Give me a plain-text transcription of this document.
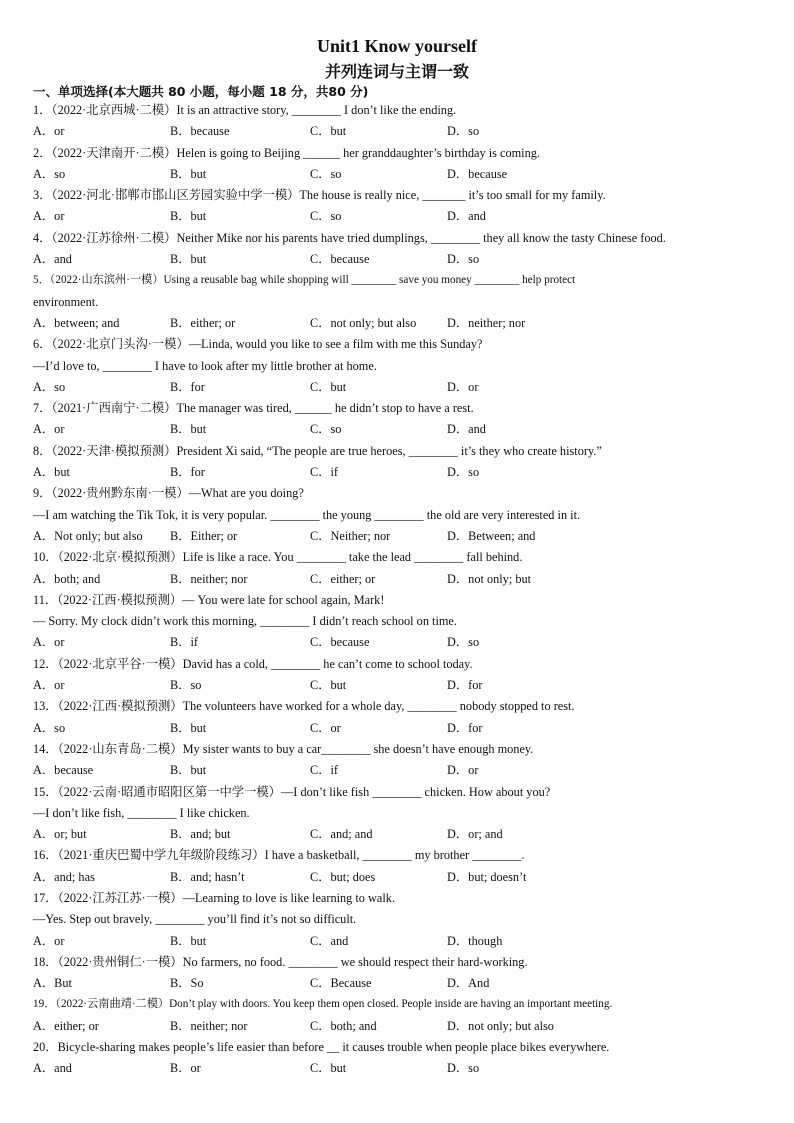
Unit1 Know yourself
并列连词与主谓一致
一、单项选择(本大题共 80 小题，每小题 18 分，共80 分)
1．（2022·北京西城·二模）It is an attractive story, ________ I don’t like the ending.
A．or	B．because	C．but	D．so
2．（2022·天津南开·二模）Helen is going to Beijing ______ her granddaughter’s birthday is coming.
A．so	B．but	C．so	D．because
3．（2022·河北·邯郸市邯山区芳园实验中学一模）The house is really nice, _______ it’s too small for my family.
A．or	B．but	C．so	D．and
4．（2022·江苏徐州·二模）Neither Mike nor his parents have tried dumplings, ________ they all know the tasty Chinese food.
A．and	B．but	C．because	D．so
5．（2022·山东滨州·一模）Using a reusable bag while shopping will ________ save you money ________ help protect
environment.
A．between; and	B．either; or	C．not only; but also	D．neither; nor
6．（2022·北京门头沟·一模）—Linda, would you like to see a film with me this Sunday?
—I’d love to, ________ I have to look after my little brother at home.
A．so	B．for	C．but	D．or
7．（2021·广西南宁·二模）The manager was tired, ______ he didn’t stop to have a rest.
A．or	B．but	C．so	D．and
8．（2022·天津·模拟预测）President Xi said, “The people are true heroes, ________ it’s they who create history.”
A．but	B．for	C．if	D．so
9．（2022·贵州黔东南·一模）—What are you doing?
—I am watching the Tik Tok, it is very popular. ________ the young ________ the old are very interested in it.
A．Not only; but also B．Either; or	C．Neither; nor	D．Between; and
10．（2022·北京·模拟预测）Life is like a race. You ________ take the lead ________ fall behind.
A．both; and	B．neither; nor	C．either; or	D．not only; but
11．（2022·江西·模拟预测）— You were late for school again, Mark!
— Sorry. My clock didn’t work this morning, ________ I didn’t reach school on time.
A．or	B．if	C．because	D．so
12．（2022·北京平谷·一模）David has a cold, ________ he can’t come to school today.
A．or	B．so	C．but	D．for
13．（2022·江西·模拟预测）The volunteers have worked for a whole day, ________ nobody stopped to rest.
A．so	B．but	C．or	D．for
14．（2022·山东青岛·二模）My sister wants to buy a car________ she doesn’t have enough money.
A．because	B．but	C．if	D．or
15．（2022·云南·昭通市昭阳区第一中学一模）—I don’t like fish ________ chicken. How about you?
—I don’t like fish, ________ I like chicken.
A．or; but	B．and; but	C．and; and	D．or; and
16．（2021·重庆巴蜀中学九年级阶段练习）I have a basketball, ________ my brother ________.
A．and; has	B．and; hasn’t	C．but; does	D．but; doesn’t
17．（2022·江苏江苏·一模）—Learning to love is like learning to walk.
—Yes. Step out bravely, ________ you’ll find it’s not so difficult.
A．or	B．but	C．and	D．though
18．（2022·贵州铜仁·一模）No farmers, no food. ________ we should respect their hard-working.
A．But	B．So	C．Because	D．And
19．（2022·云南曲靖·二模）Don’t play with doors. You keep them open closed. People inside are having an important meeting.
A．either; or	B．neither; nor	C．both; and	D．not only; but also
20．Bicycle-sharing makes people’s life easier than before __ it causes trouble when people place bikes everywhere.
A．and	B．or	C．but	D．so
